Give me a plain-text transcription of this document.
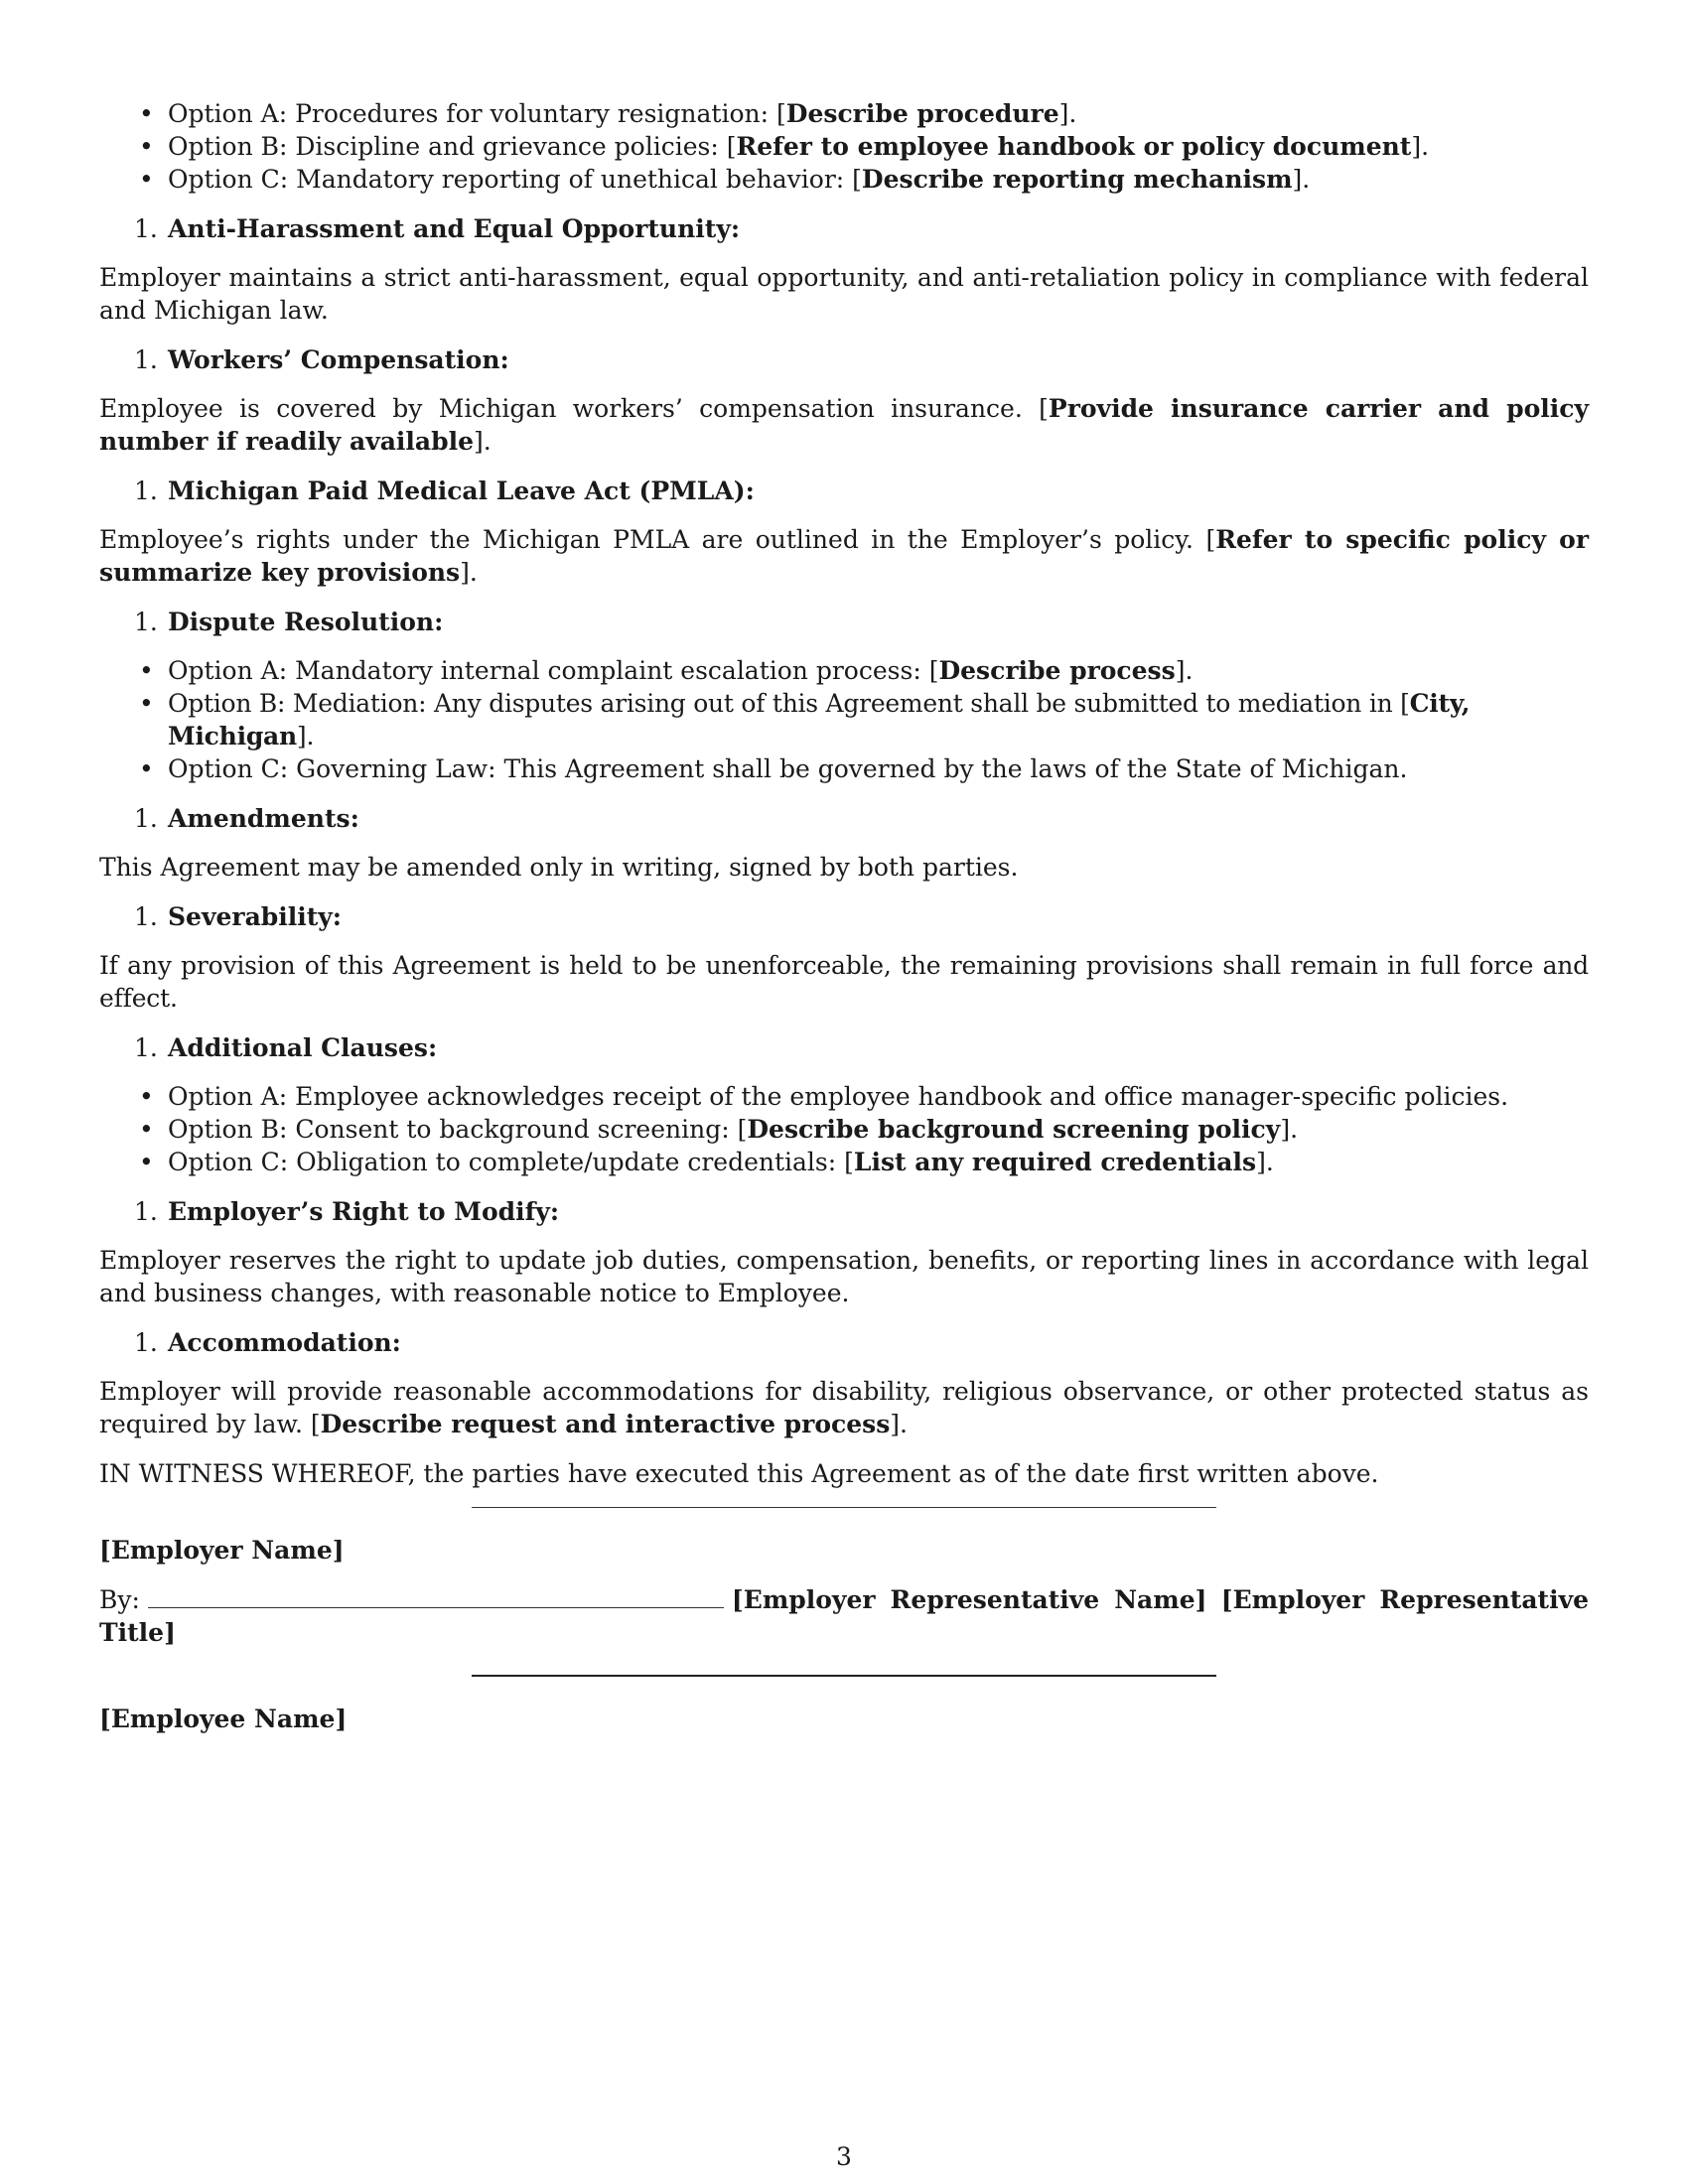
• Option A: Procedures for voluntary resignation: [Describe procedure].
• Option B: Discipline and grievance policies: [Refer to employee handbook or policy document].
• Option C: Mandatory reporting of unethical behavior: [Describe reporting mechanism].
1. Anti-Harassment and Equal Opportunity:

Employer maintains a strict anti-harassment, equal opportunity, and anti-retaliation policy in compliance with federal and Michigan law.

1. Workers’ Compensation:

Employee is covered by Michigan workers’ compensation insurance. [Provide insurance carrier and policy number if readily available].

1. Michigan Paid Medical Leave Act (PMLA):

Employee’s rights under the Michigan PMLA are outlined in the Employer’s policy. [Refer to specific policy or summarize key provisions].

1. Dispute Resolution:
• Option A: Mandatory internal complaint escalation process: [Describe process].
• Option B: Mediation: Any disputes arising out of this Agreement shall be submitted to mediation in [City, Michigan].
• Option C: Governing Law: This Agreement shall be governed by the laws of the State of Michigan.
1. Amendments:

This Agreement may be amended only in writing, signed by both parties.

1. Severability:

If any provision of this Agreement is held to be unenforceable, the remaining provisions shall remain in full force and effect.

1. Additional Clauses:
• Option A: Employee acknowledges receipt of the employee handbook and office manager-specific policies.
• Option B: Consent to background screening: [Describe background screening policy].
• Option C: Obligation to complete/update credentials: [List any required credentials].
1. Employer’s Right to Modify:

Employer reserves the right to update job duties, compensation, benefits, or reporting lines in accordance with legal and business changes, with reasonable notice to Employee.

1. Accommodation:

Employer will provide reasonable accommodations for disability, religious observance, or other protected status as required by law. [Describe request and interactive process].

IN WITNESS WHEREOF, the parties have executed this Agreement as of the date first written above.

[Employer Name]
By:	[Employer Representative Name] [Employer Representative Title]
[Employee Name]
3
